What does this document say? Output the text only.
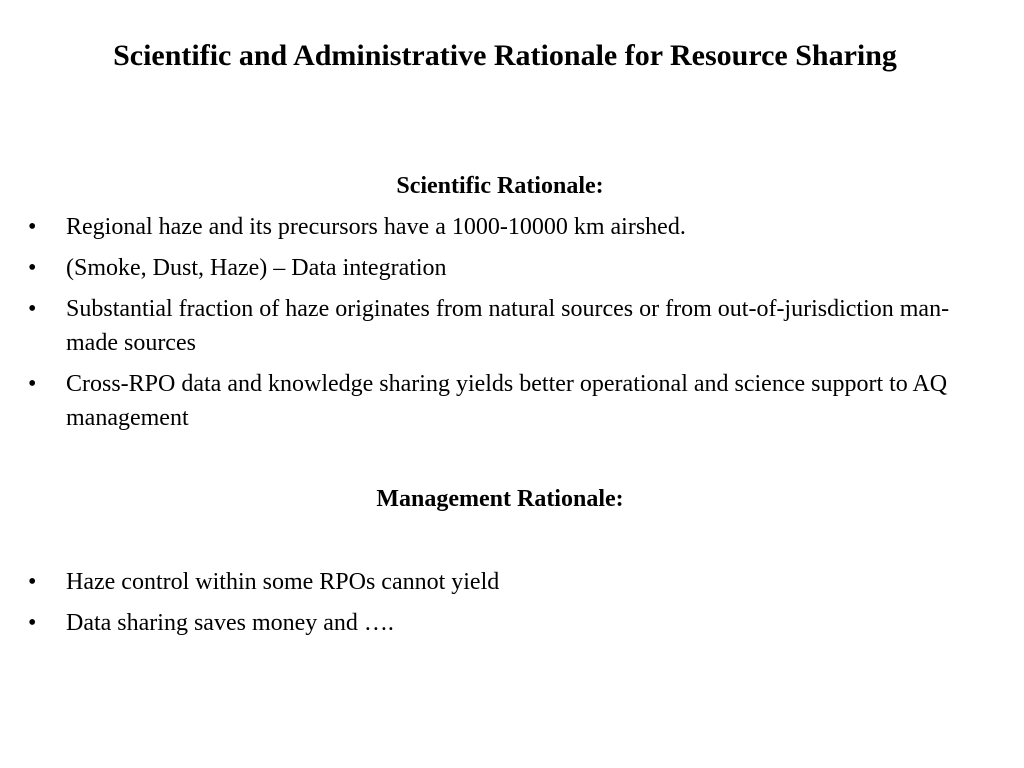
Scientific and Administrative Rationale for Resource Sharing
Scientific Rationale:
•	Regional haze and its precursors have a 1000-10000 km airshed.
•	(Smoke, Dust, Haze) – Data integration
•	Substantial fraction of haze originates from natural sources or from out-of-jurisdiction man-made sources
•	Cross-RPO data and knowledge sharing yields better operational and science support to AQ management
Management Rationale:
•	Haze control within some RPOs cannot yield
•	Data sharing saves money and ….
